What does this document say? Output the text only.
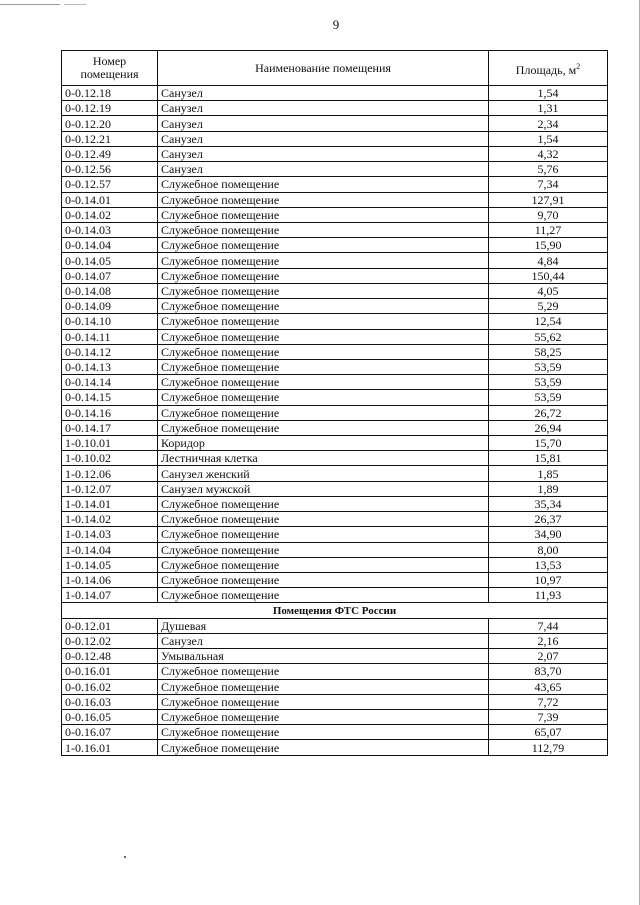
9
Номер
помещения	Наименование помещения	Площадь, $м^2$
0-0.12.18	Санузел	1,54
0-0.12.19	Санузел	1,31
0-0.12.20	Санузел	2,34
0-0.12.21	Санузел	1,54
0-0.12.49	Санузел	4,32
0-0.12.56	Санузел	5,76
0-0.12.57	Служебное помещение	7,34
0-0.14.01	Служебное помещение	127,91
0-0.14.02	Служебное помещение	9,70
0-0.14.03	Служебное помещение	11,27
0-0.14.04	Служебное помещение	15,90
0-0.14.05	Служебное помещение	4,84
0-0.14.07	Служебное помещение	150,44
0-0.14.08	Служебное помещение	4,05
0-0.14.09	Служебное помещение	5,29
0-0.14.10	Служебное помещение	12,54
0-0.14.11	Служебное помещение	55,62
0-0.14.12	Служебное помещение	58,25
0-0.14.13	Служебное помещение	53,59
0-0.14.14	Служебное помещение	53,59
0-0.14.15	Служебное помещение	53,59
0-0.14.16	Служебное помещение	26,72
0-0.14.17	Служебное помещение	26,94
1-0.10.01	Коридор	15,70
1-0.10.02	Лестничная клетка	15,81
1-0.12.06	Санузел женский	1,85
1-0.12.07	Санузел мужской	1,89
1-0.14.01	Служебное помещение	35,34
1-0.14.02	Служебное помещение	26,37
1-0.14.03	Служебное помещение	34,90
1-0.14.04	Служебное помещение	8,00
1-0.14.05	Служебное помещение	13,53
1-0.14.06	Служебное помещение	10,97
1-0.14.07	Служебное помещение	11,93
Помещения ФТС России		
0-0.12.01	Душевая	7,44
0-0.12.02	Санузел	2,16
0-0.12.48	Умывальная	2,07
0-0.16.01	Служебное помещение	83,70
0-0.16.02	Служебное помещение	43,65
0-0.16.03	Служебное помещение	7,72
0-0.16.05	Служебное помещение	7,39
0-0.16.07	Служебное помещение	65,07
1-0.16.01	Служебное помещение	112,79
